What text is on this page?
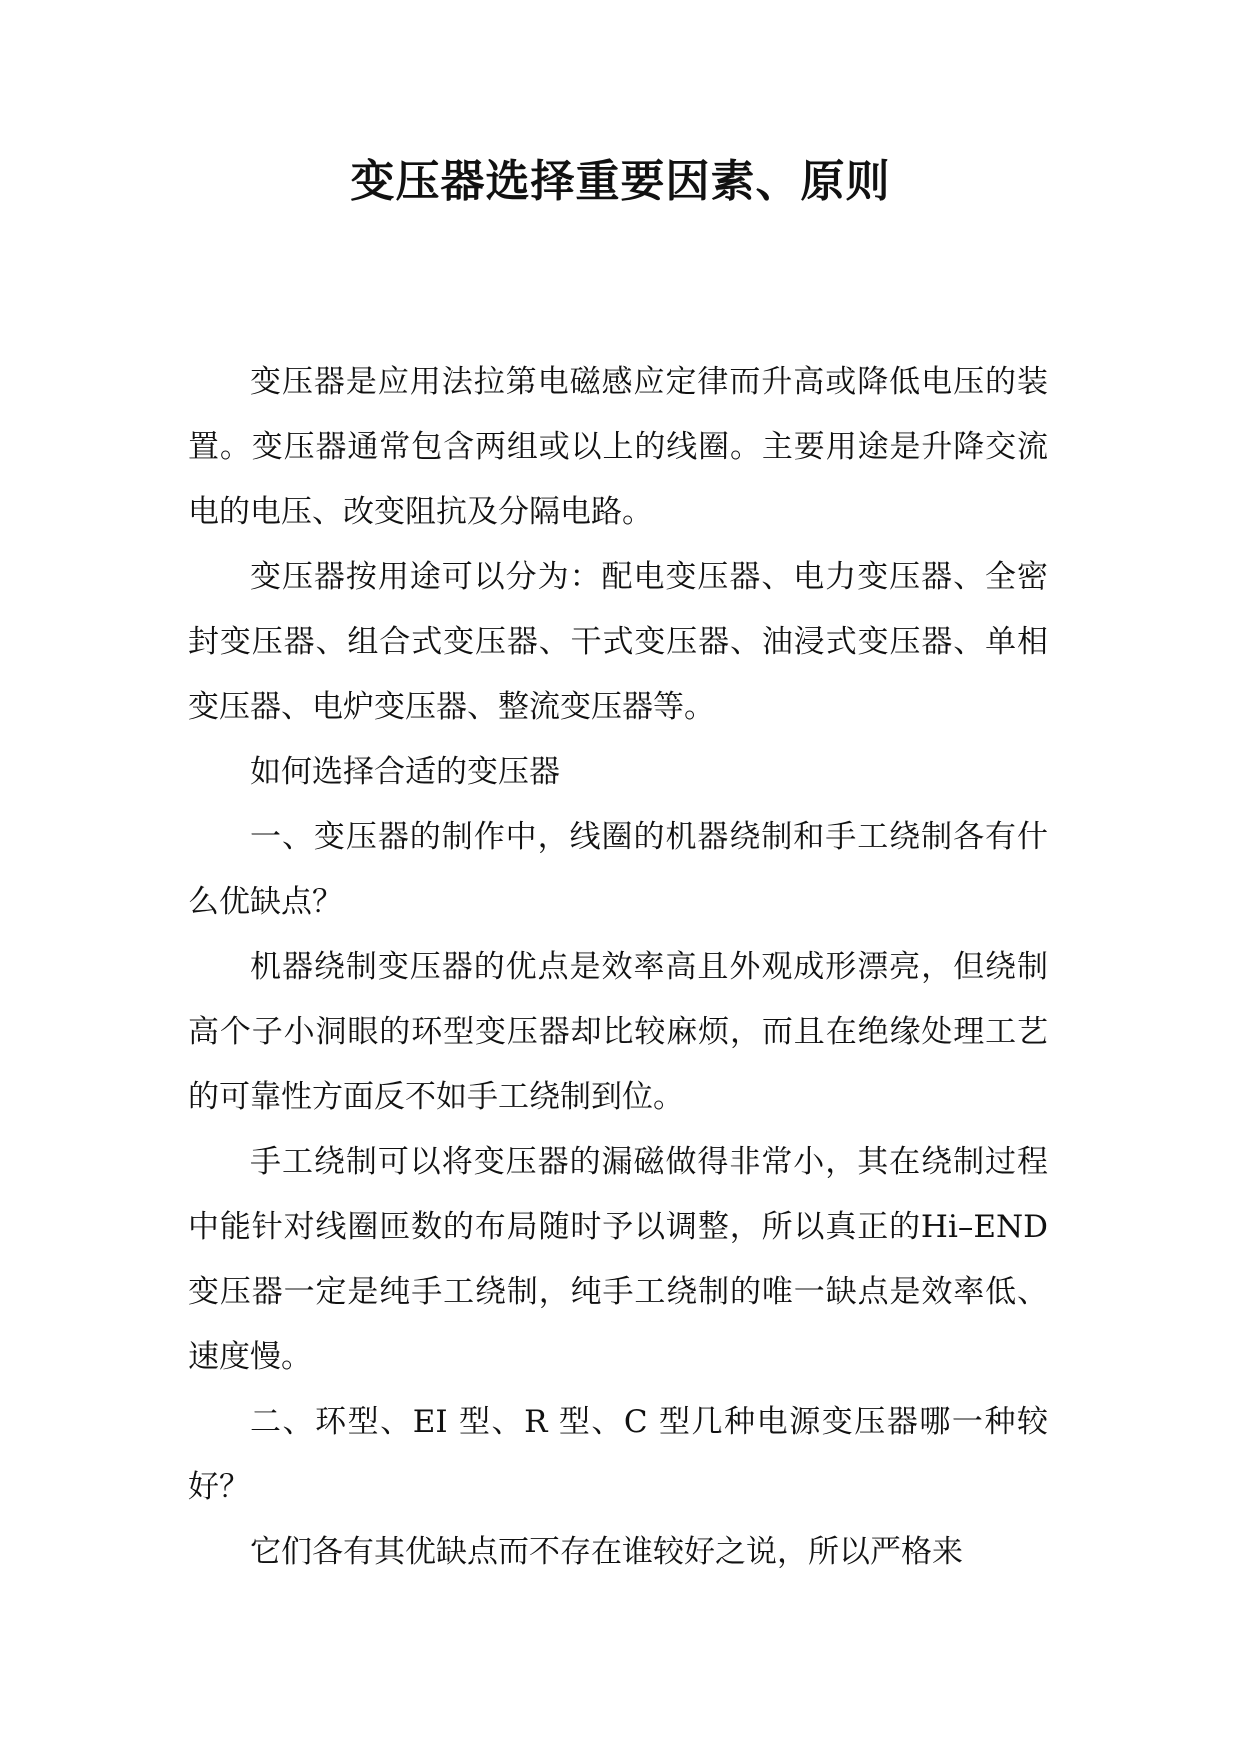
变压器选择重要因素、原则

变压器是应用法拉第电磁感应定律而升高或降低电压的装置。变压器通常包含两组或以上的线圈。主要用途是升降交流电的电压、改变阻抗及分隔电路。

变压器按用途可以分为：配电变压器、电力变压器、全密封变压器、组合式变压器、干式变压器、油浸式变压器、单相变压器、电炉变压器、整流变压器等。

如何选择合适的变压器

一、变压器的制作中，线圈的机器绕制和手工绕制各有什么优缺点？

机器绕制变压器的优点是效率高且外观成形漂亮，但绕制高个子小洞眼的环型变压器却比较麻烦，而且在绝缘处理工艺的可靠性方面反不如手工绕制到位。

手工绕制可以将变压器的漏磁做得非常小，其在绕制过程中能针对线圈匝数的布局随时予以调整，所以真正的Hi–END 变压器一定是纯手工绕制，纯手工绕制的唯一缺点是效率低、速度慢。

二、环型、EI 型、R 型、C 型几种电源变压器哪一种较好？

它们各有其优缺点而不存在谁较好之说，所以严格来
